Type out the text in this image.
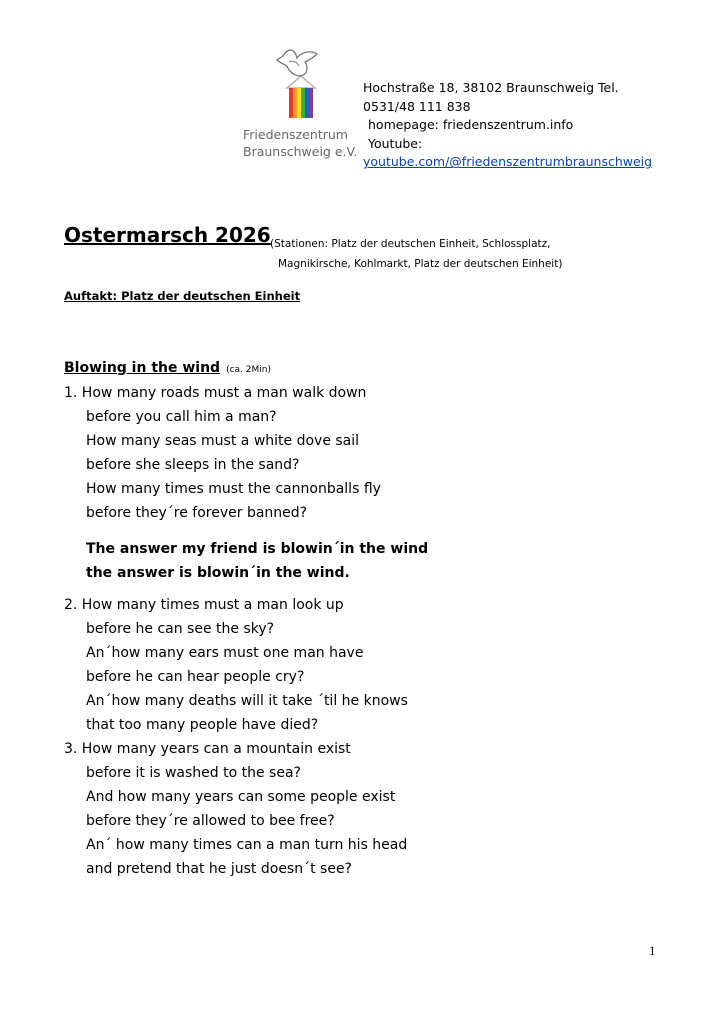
Friedenszentrum
Braunschweig e.V.
Hochstraße 18, 38102 Braunschweig Tel.
0531/48 111 838
homepage: friedenszentrum.info
Youtube:
youtube.com/@friedenszentrumbraunschweig
Ostermarsch 2026 (Stationen: Platz der deutschen Einheit, Schlossplatz,
Magnikirsche, Kohlmarkt, Platz der deutschen Einheit)
Auftakt: Platz der deutschen Einheit
Blowing in the wind (ca. 2Min)
1. How many roads must a man walk down
before you call him a man?
How many seas must a white dove sail
before she sleeps in the sand?
How many times must the cannonballs fly
before they´re forever banned?
The answer my friend is blowin´in the wind
the answer is blowin´in the wind.
2. How many times must a man look up
before he can see the sky?
An´how many ears must one man have
before he can hear people cry?
An´how many deaths will it take ´til he knows
that too many people have died?
3. How many years can a mountain exist
before it is washed to the sea?
And how many years can some people exist
before they´re allowed to bee free?
An´ how many times can a man turn his head
and pretend that he just doesn´t see?
1
